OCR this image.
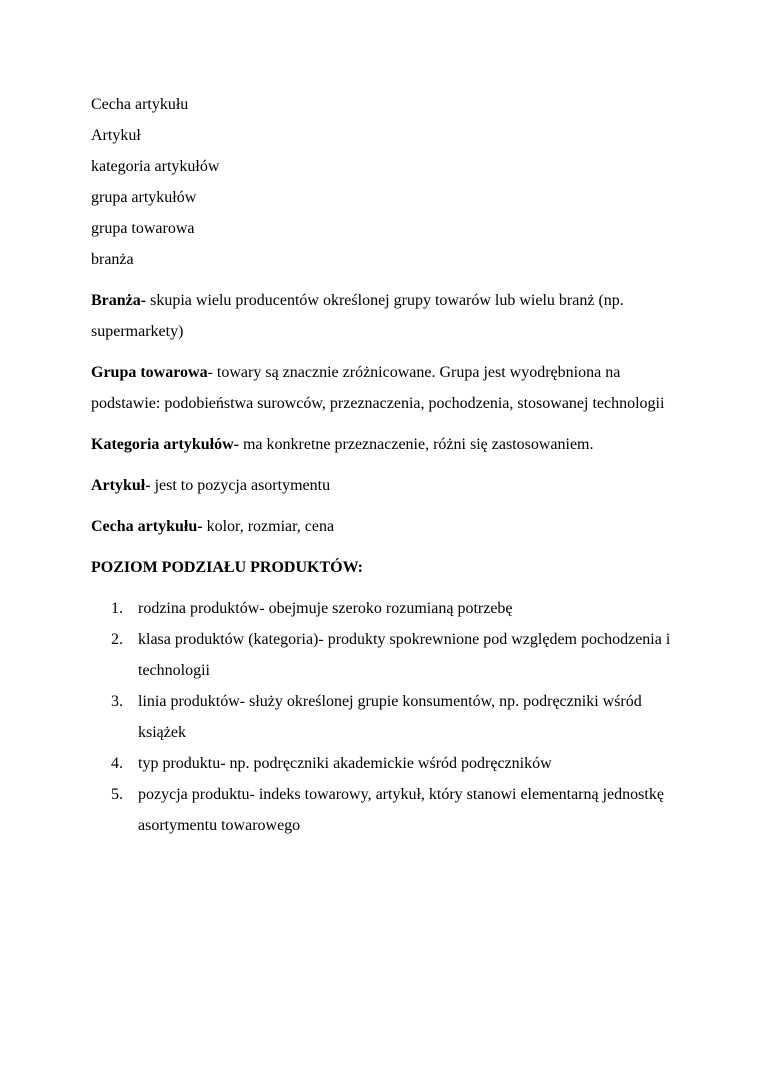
Cecha artykułu
Artykuł
kategoria artykułów
grupa artykułów
grupa towarowa
branża

Branża- skupia wielu producentów określonej grupy towarów lub wielu branż (np. supermarkety)

Grupa towarowa- towary są znacznie zróżnicowane. Grupa jest wyodrębniona na podstawie: podobieństwa surowców, przeznaczenia, pochodzenia, stosowanej technologii

Kategoria artykułów- ma konkretne przeznaczenie, różni się zastosowaniem.

Artykuł- jest to pozycja asortymentu

Cecha artykułu- kolor, rozmiar, cena

POZIOM PODZIAŁU PRODUKTÓW:

1. rodzina produktów- obejmuje szeroko rozumianą potrzebę
2. klasa produktów (kategoria)- produkty spokrewnione pod względem pochodzenia i technologii
3. linia produktów- służy określonej grupie konsumentów, np. podręczniki wśród książek
4. typ produktu- np. podręczniki akademickie wśród podręczników
5. pozycja produktu- indeks towarowy, artykuł, który stanowi elementarną jednostkę asortymentu towarowego
